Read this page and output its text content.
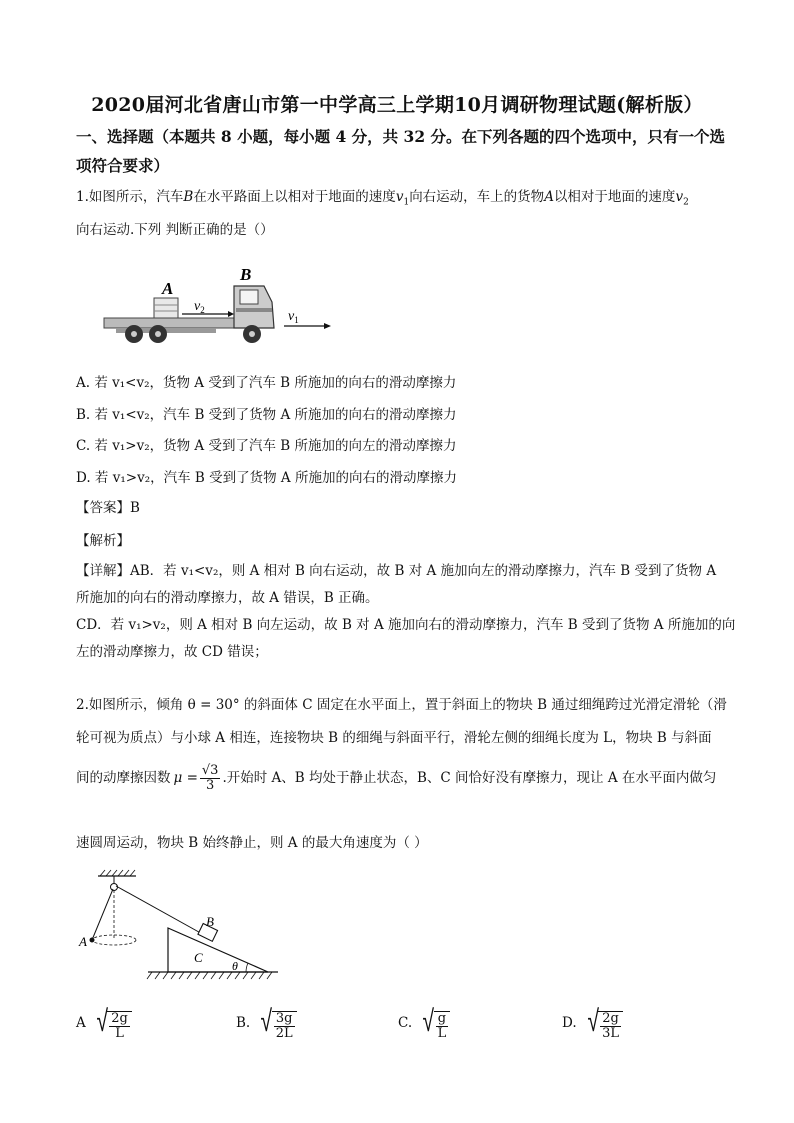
2020届河北省唐山市第一中学高三上学期10月调研物理试题(解析版）
一、选择题（本题共 8 小题，每小题 4 分，共 32 分。在下列各题的四个选项中，只有一个选
项符合要求）
1.如图所示，汽车B在水平路面上以相对于地面的速度$v_1$向右运动，车上的货物A以相对于地面的速度$v_2$
向右运动.下列 判断正确的是（）
A
B
$v_2$	$v_1$
A. 若 v₁<v₂，货物 A 受到了汽车 B 所施加的向右的滑动摩擦力
B. 若 v₁<v₂，汽车 B 受到了货物 A 所施加的向右的滑动摩擦力
C. 若 v₁>v₂，货物 A 受到了汽车 B 所施加的向左的滑动摩擦力
D. 若 v₁>v₂，汽车 B 受到了货物 A 所施加的向右的滑动摩擦力
【答案】B
【解析】
【详解】AB．若 v₁<v₂，则 A 相对 B 向右运动，故 B 对 A 施加向左的滑动摩擦力，汽车 B 受到了货物 A
所施加的向右的滑动摩擦力，故 A 错误，B 正确。
CD．若 v₁>v₂，则 A 相对 B 向左运动，故 B 对 A 施加向右的滑动摩擦力，汽车 B 受到了货物 A 所施加的向
左的滑动摩擦力，故 CD 错误；
2.如图所示，倾角 θ = 30° 的斜面体 C 固定在水平面上，置于斜面上的物块 B 通过细绳跨过光滑定滑轮（滑
轮可视为质点）与小球 A 相连，连接物块 B 的细绳与斜面平行，滑轮左侧的细绳长度为 L，物块 B 与斜面
间的动摩擦因数 $\mu = \frac{√3}{3}$ .开始时 A、B 均处于静止状态，B、C 间恰好没有摩擦力，现让 A 在水平面内做匀
速圆周运动，物块 B 始终静止，则 A 的最大角速度为（ ）
A
B
C
θ
A √ $\frac{2g}{L}$	B. √ $\frac{3g}{2L}$	C. √ $\frac{g}{L}$	D. √ $\frac{2g}{3L}$
